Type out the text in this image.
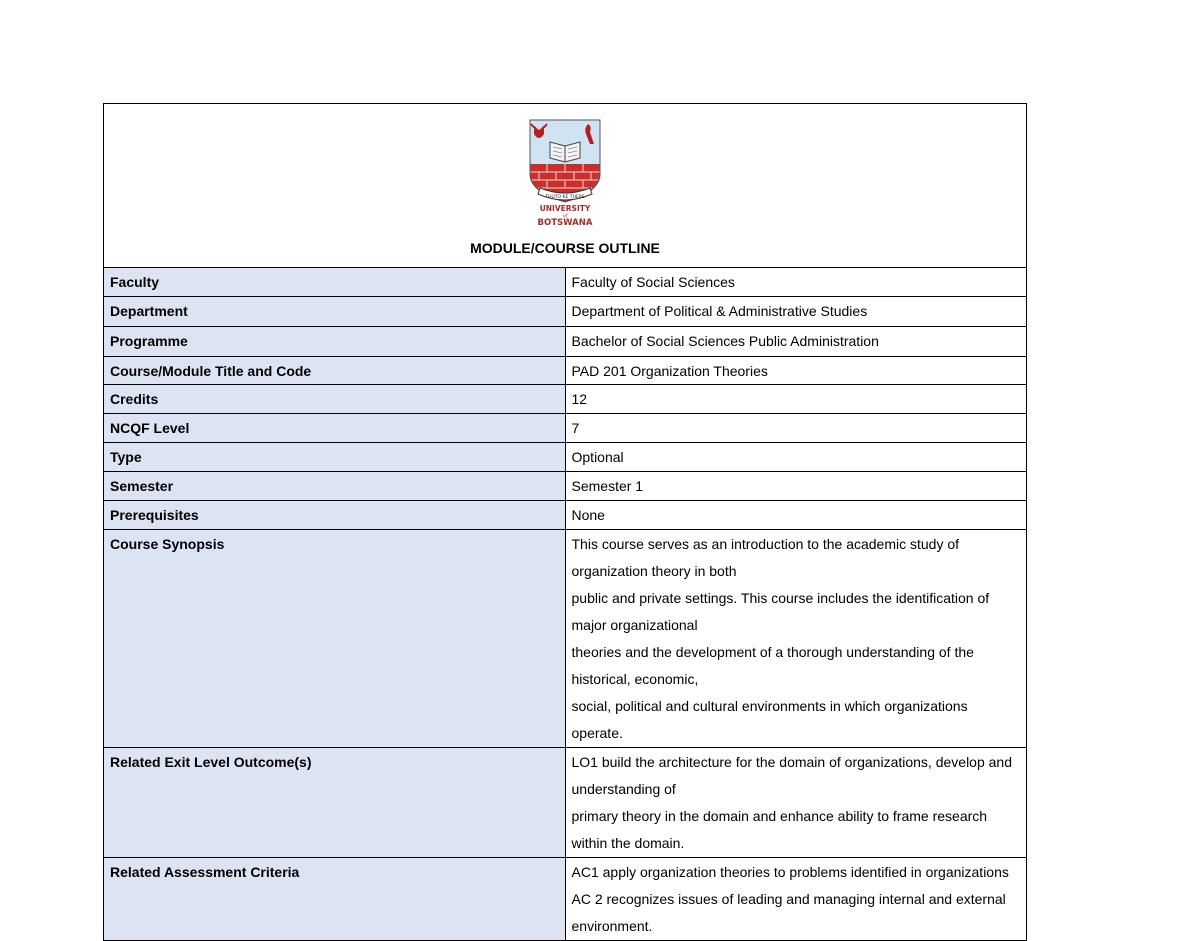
THUTO KE THEBE
UNIVERSITY
of
BOTSWANA
MODULE/COURSE OUTLINE	

Faculty	Faculty of Social Sciences
Department	Department of Political & Administrative Studies
Programme	Bachelor of Social Sciences Public Administration
Course/Module Title and Code	PAD 201 Organization Theories
Credits	12
NCQF Level	7
Type	Optional
Semester	Semester 1
Prerequisites	None
Course Synopsis	This course serves as an introduction to the academic study of organization theory in both
public and private settings. This course includes the identification of major organizational
theories and the development of a thorough understanding of the historical, economic,
social, political and cultural environments in which organizations operate.

Related Exit Level Outcome(s)	LO1 build the architecture for the domain of organizations, develop and understanding of
primary theory in the domain and enhance ability to frame research within the domain.

Related Assessment Criteria	AC1 apply organization theories to problems identified in organizations
AC 2 recognizes issues of leading and managing internal and external environment.
